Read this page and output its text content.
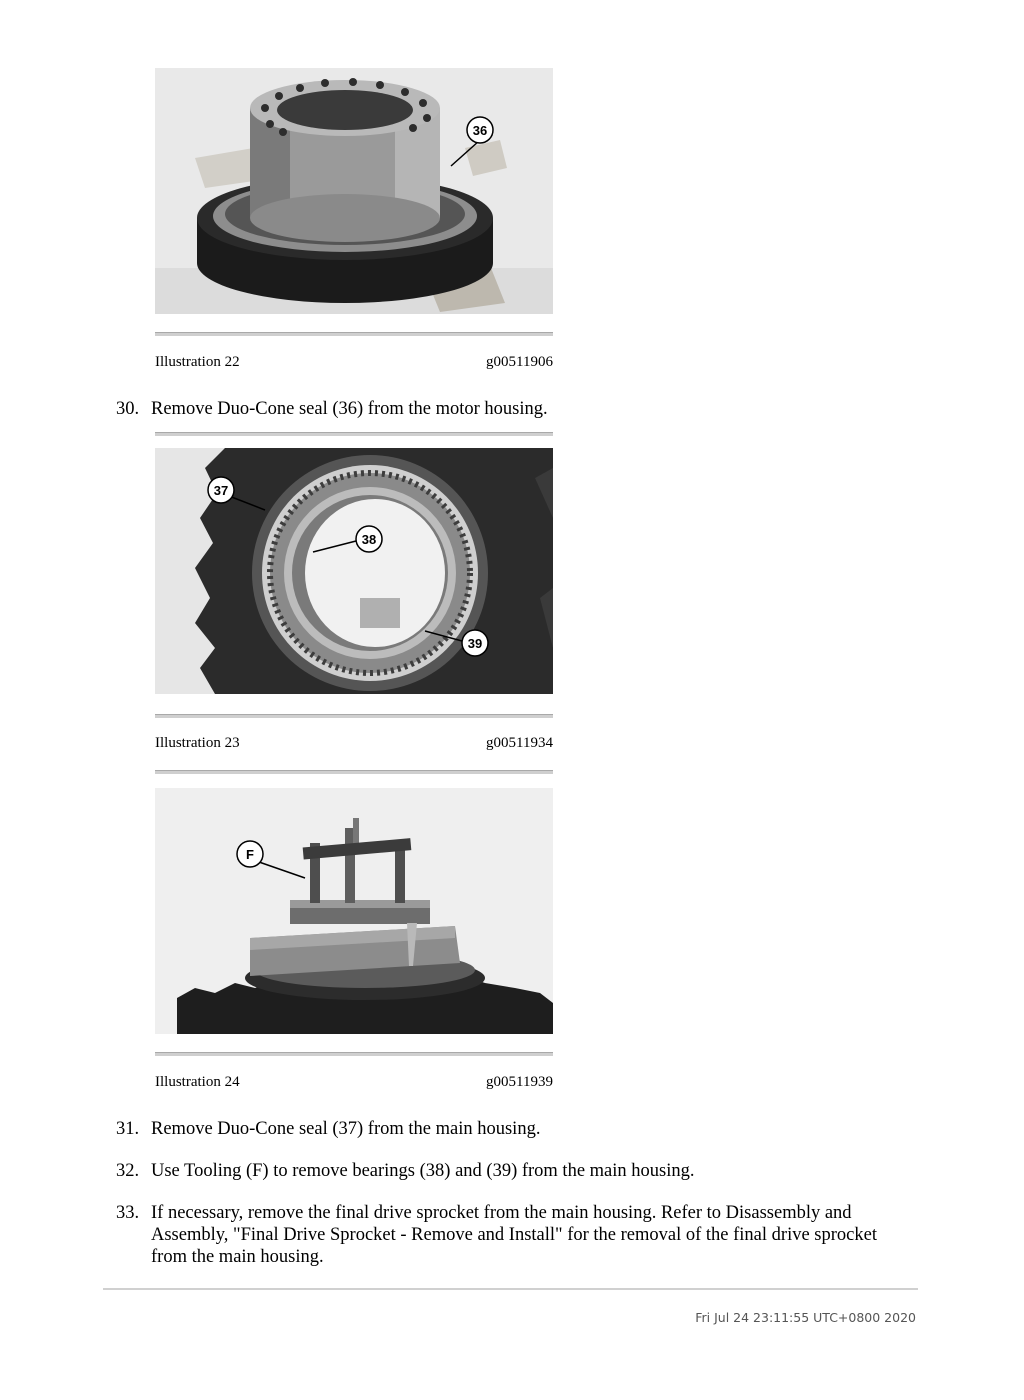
36
Illustration 22	g00511906
30. Remove Duo-Cone seal (36) from the motor housing.
37
38
39
Illustration 23	g00511934
F
Illustration 24	g00511939
31. Remove Duo-Cone seal (37) from the main housing.
32. Use Tooling (F) to remove bearings (38) and (39) from the main housing.
33. If necessary, remove the final drive sprocket from the main housing. Refer to Disassembly and Assembly, "Final Drive Sprocket - Remove and Install" for the removal of the final drive sprocket from the main housing.
Fri Jul 24 23:11:55 UTC+0800 2020
